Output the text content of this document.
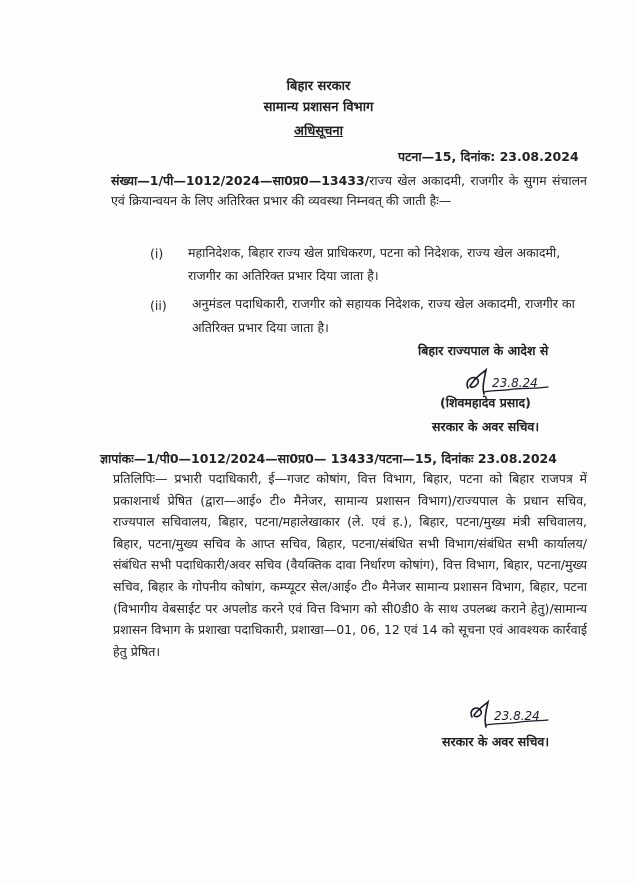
बिहार सरकार
सामान्य प्रशासन विभाग
अधिसूचना
पटना—15, दिनांक: 23.08.2024
संख्या—1/पी—1012/2024—सा0प्र0—13433/राज्य खेल अकादमी, राजगीर के सुगम संचालन एवं क्रियान्वयन के लिए अतिरिक्त प्रभार की व्यवस्था निम्नवत् की जाती हैः—
(i) महानिदेशक, बिहार राज्य खेल प्राधिकरण, पटना को निदेशक, राज्य खेल अकादमी, राजगीर का अतिरिक्त प्रभार दिया जाता है।
(ii) अनुमंडल पदाधिकारी, राजगीर को सहायक निदेशक, राज्य खेल अकादमी, राजगीर का अतिरिक्त प्रभार दिया जाता है।
बिहार राज्यपाल के आदेश से
23.8.24
(शिवमहादेव प्रसाद)
सरकार के अवर सचिव।
ज्ञापांकः—1/पी0—1012/2024—सा0प्र0— 13433/पटना—15, दिनांकः 23.08.2024
प्रतिलिपिः— प्रभारी पदाधिकारी, ई—गजट कोषांग, वित्त विभाग, बिहार, पटना को बिहार राजपत्र में प्रकाशनार्थ प्रेषित (द्वारा—आई० टी० मैनेजर, सामान्य प्रशासन विभाग)/राज्यपाल के प्रधान सचिव, राज्यपाल सचिवालय, बिहार, पटना/महालेखाकार (ले. एवं ह.), बिहार, पटना/मुख्य मंत्री सचिवालय, बिहार, पटना/मुख्य सचिव के आप्त सचिव, बिहार, पटना/संबंधित सभी विभाग/संबंधित सभी कार्यालय/ संबंधित सभी पदाधिकारी/अवर सचिव (वैयक्तिक दावा निर्धारण कोषांग), वित्त विभाग, बिहार, पटना/मुख्य सचिव, बिहार के गोपनीय कोषांग, कम्प्यूटर सेल/आई० टी० मैनेजर सामान्य प्रशासन विभाग, बिहार, पटना (विभागीय वेबसाईट पर अपलोड करने एवं वित्त विभाग को सी0डी0 के साथ उपलब्ध कराने हेतु)/सामान्य प्रशासन विभाग के प्रशाखा पदाधिकारी, प्रशाखा—01, 06, 12 एवं 14 को सूचना एवं आवश्यक कार्रवाई हेतु प्रेषित।
23.8.24
सरकार के अवर सचिव।
